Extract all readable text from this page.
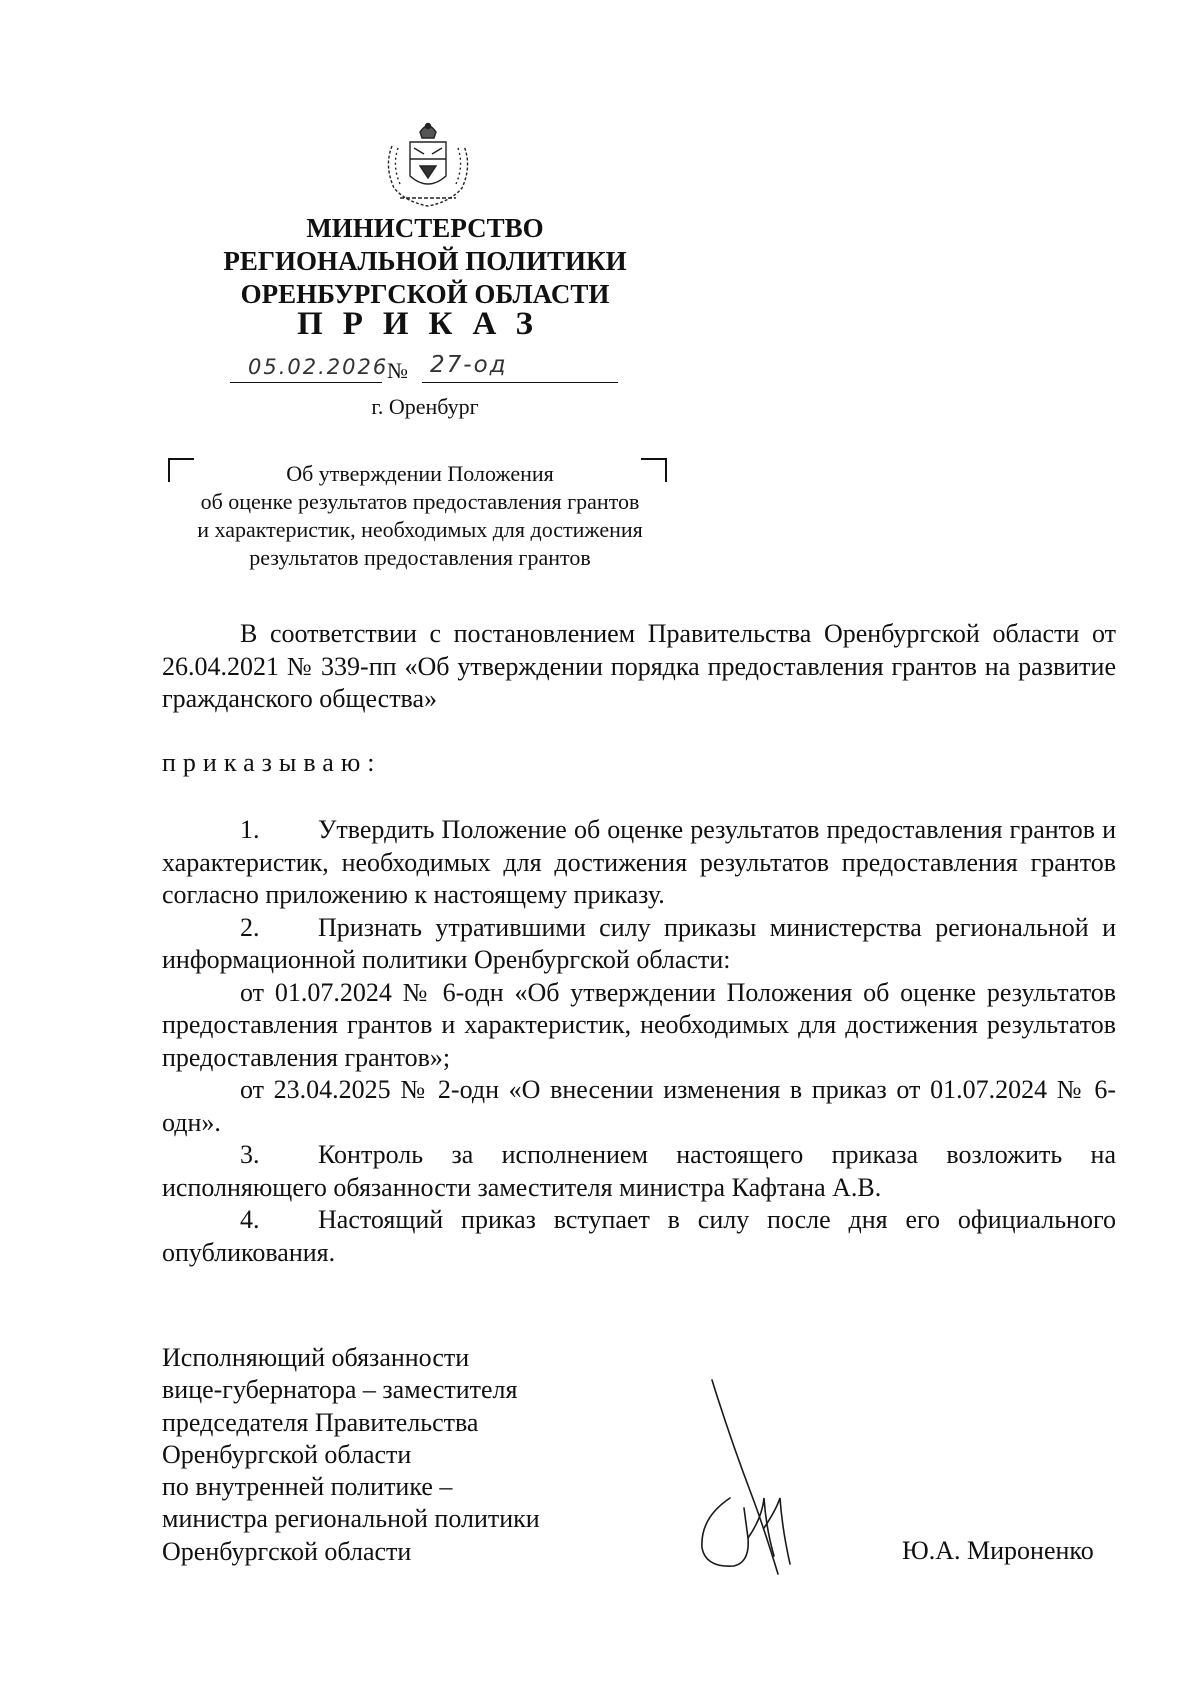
МИНИСТЕРСТВО
РЕГИОНАЛЬНОЙ ПОЛИТИКИ
ОРЕНБУРГСКОЙ ОБЛАСТИ
ПРИКАЗ
05.02.2026
№ 27-од
г. Оренбург
Об утверждении Положения
об оценке результатов предоставления грантов
и характеристик, необходимых для достижения
результатов предоставления грантов

В соответствии с постановлением Правительства Оренбургской области от 26.04.2021 № 339-пп «Об утверждении порядка предоставления грантов на развитие гражданского общества»

приказываю:

1. Утвердить Положение об оценке результатов предоставления грантов и характеристик, необходимых для достижения результатов предоставления грантов согласно приложению к настоящему приказу.

2. Признать утратившими силу приказы министерства региональной и информационной политики Оренбургской области:

от 01.07.2024 № 6-одн «Об утверждении Положения об оценке результатов предоставления грантов и характеристик, необходимых для достижения результатов предоставления грантов»;

от 23.04.2025 № 2-одн «О внесении изменения в приказ от 01.07.2024 № 6-одн».

3. Контроль за исполнением настоящего приказа возложить на исполняющего обязанности заместителя министра Кафтана А.В.

4. Настоящий приказ вступает в силу после дня его официального опубликования.

Исполняющий обязанности
вице-губернатора – заместителя
председателя Правительства
Оренбургской области
по внутренней политике –
министра региональной политики
Оренбургской области	Ю.А. Мироненко
